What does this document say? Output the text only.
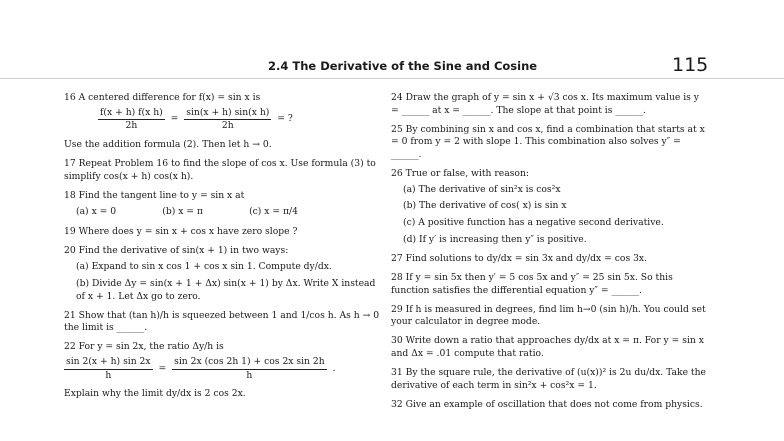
2.4 The Derivative of the Sine and Cosine	115
16 A centered difference for f(x) = sin x is
$\frac{\text{f(x + h) f(x h)}}{2h} = \frac{\text{sin(x + h) sin(x h)}}{2h}$ = ?
Use the addition formula (2). Then let h → 0.
17 Repeat Problem 16 to find the slope of cos x. Use formula (3) to simplify cos(x + h) cos(x h).
18 Find the tangent line to y = sin x at
(a) x = 0	(b) x = π	(c) x = π/4
19 Where does y = sin x + cos x have zero slope ?
20 Find the derivative of sin(x + 1) in two ways:
(a) Expand to sin x cos 1 + cos x sin 1. Compute dy/dx.
(b) Divide Δy = sin(x + 1 + Δx) sin(x + 1) by Δx. Write X instead of x + 1. Let Δx go to zero.
21 Show that (tan h)/h is squeezed between 1 and 1/cos h. As h → 0 the limit is ______.
22 For y = sin 2x, the ratio Δy/h is
$\frac{\sin 2(x + h) \sin 2x}{h} = \frac{\text{sin 2x (cos 2h 1) + cos 2x sin 2h}}{h}$ .
Explain why the limit dy/dx is 2 cos 2x.
24 Draw the graph of y = sin x + √3 cos x. Its maximum value is y = ______ at x = ______. The slope at that point is ______.
25 By combining sin x and cos x, find a combination that starts at x = 0 from y = 2 with slope 1. This combination also solves y″ = ______.
26 True or false, with reason:
(a) The derivative of sin²x is cos²x
(b) The derivative of cos( x) is sin x
(c) A positive function has a negative second derivative.
(d) If y′ is increasing then y″ is positive.
27 Find solutions to dy/dx = sin 3x and dy/dx = cos 3x.
28 If y = sin 5x then y′ = 5 cos 5x and y″ = 25 sin 5x. So this function satisfies the differential equation y″ = ______.
29 If h is measured in degrees, find lim h→0 (sin h)/h. You could set your calculator in degree mode.
30 Write down a ratio that approaches dy/dx at x = π. For y = sin x and Δx = .01 compute that ratio.
31 By the square rule, the derivative of (u(x))² is 2u du/dx. Take the derivative of each term in sin²x + cos²x = 1.
32 Give an example of oscillation that does not come from physics.
